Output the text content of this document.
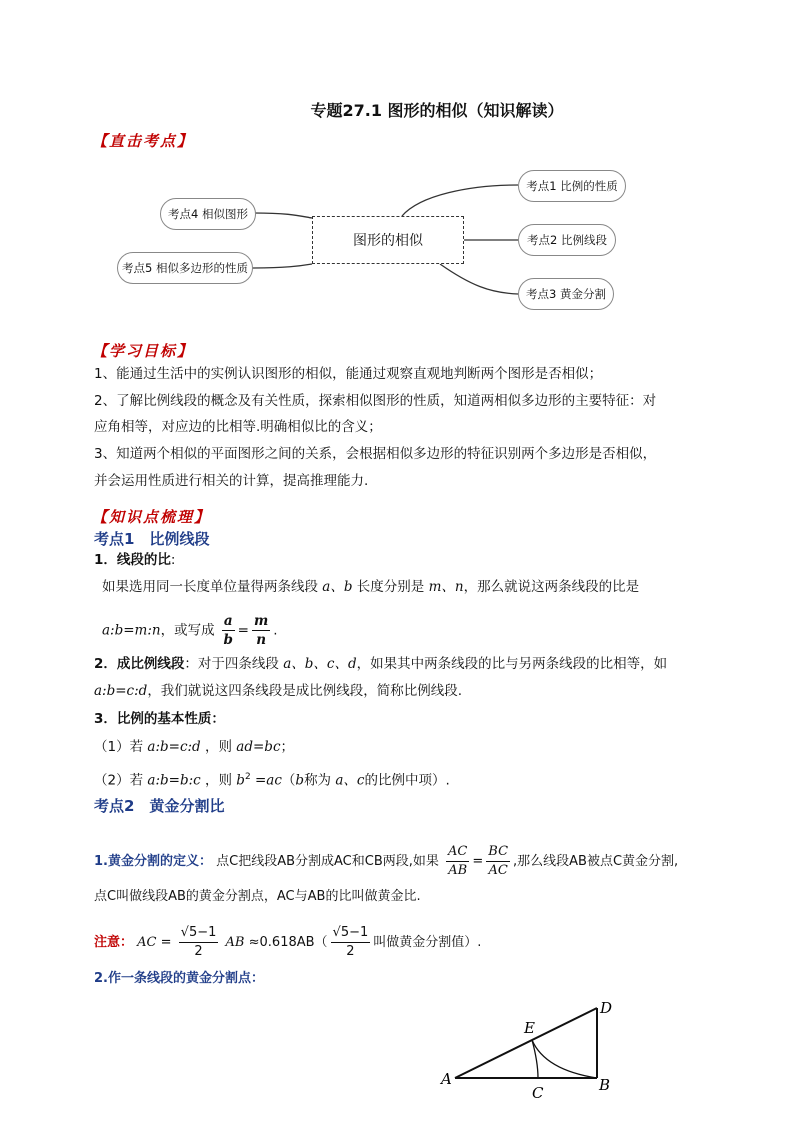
专题27.1 图形的相似（知识解读）
【直击考点】
图形的相似
考点1 比例的性质
考点2 比例线段
考点3 黄金分割
考点4 相似图形
考点5 相似多边形的性质
【学习目标】
1、能通过生活中的实例认识图形的相似，能通过观察直观地判断两个图形是否相似；
2、了解比例线段的概念及有关性质，探索相似图形的性质，知道两相似多边形的主要特征：对
应角相等，对应边的比相等.明确相似比的含义；
3、知道两个相似的平面图形之间的关系，会根据相似多边形的特征识别两个多边形是否相似，
并会运用性质进行相关的计算，提高推理能力.
【知识点梳理】
考点1　比例线段
1．线段的比:
如果选用同一长度单位量得两条线段 a、b 长度分别是 m、n，那么就说这两条线段的比是
a:b=m:n，或写成 $\frac{a}{b} = \frac{m}{n}$ .
2．成比例线段：对于四条线段 a、b、c、d，如果其中两条线段的比与另两条线段的比相等，如
a:b=c:d，我们就说这四条线段是成比例线段，简称比例线段.
3．比例的基本性质：
（1）若 a:b=c:d ，则 ad=bc；
（2）若 a:b=b:c ，则 $b^2 =ac(b$称为 a、c的比例中项）.
考点2　黄金分割比
1.黄金分割的定义： 点C把线段AB分割成AC和CB两段,如果 $\frac{AC}{AB} = \frac{BC}{AC}$ ,那么线段AB被点C黄金分割,
点C叫做线段AB的黄金分割点，AC与AB的比叫做黄金比.
注意： AC = $\frac{√5-1}{2}$ AB $\approx 0.618AB( \frac{√5-1}{2}$ 叫做黄金分割值）.
2.作一条线段的黄金分割点：
A	B
C
D
E
